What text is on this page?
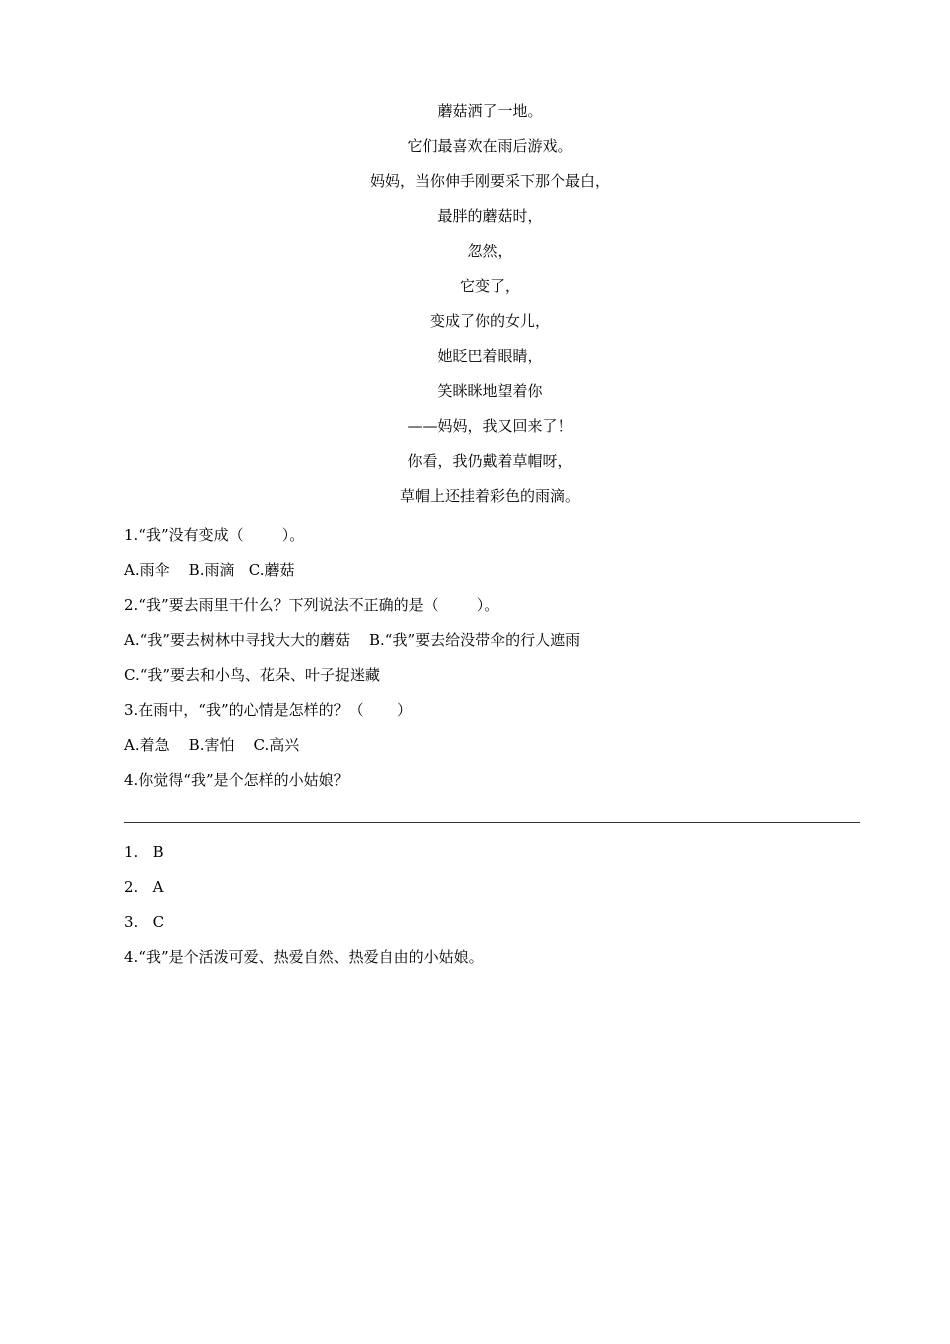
蘑菇洒了一地。
它们最喜欢在雨后游戏。
妈妈，当你伸手刚要采下那个最白，
最胖的蘑菇时，
忽然，
它变了，
变成了你的女儿，
她眨巴着眼睛，
笑眯眯地望着你
——妈妈，我又回来了！
你看，我仍戴着草帽呀，
草帽上还挂着彩色的雨滴。
1.“我”没有变成（        ）。
A.雨伞    B.雨滴   C.蘑菇
2.“我”要去雨里干什么？下列说法不正确的是（        ）。
A.“我”要去树林中寻找大大的蘑菇    B.“我”要去给没带伞的行人遮雨
C.“我”要去和小鸟、花朵、叶子捉迷藏
3.在雨中，“我”的心情是怎样的？（       ）
A.着急    B.害怕    C.高兴
4.你觉得“我”是个怎样的小姑娘？
1.   B
2.   A
3.   C
4.“我”是个活泼可爱、热爱自然、热爱自由的小姑娘。
